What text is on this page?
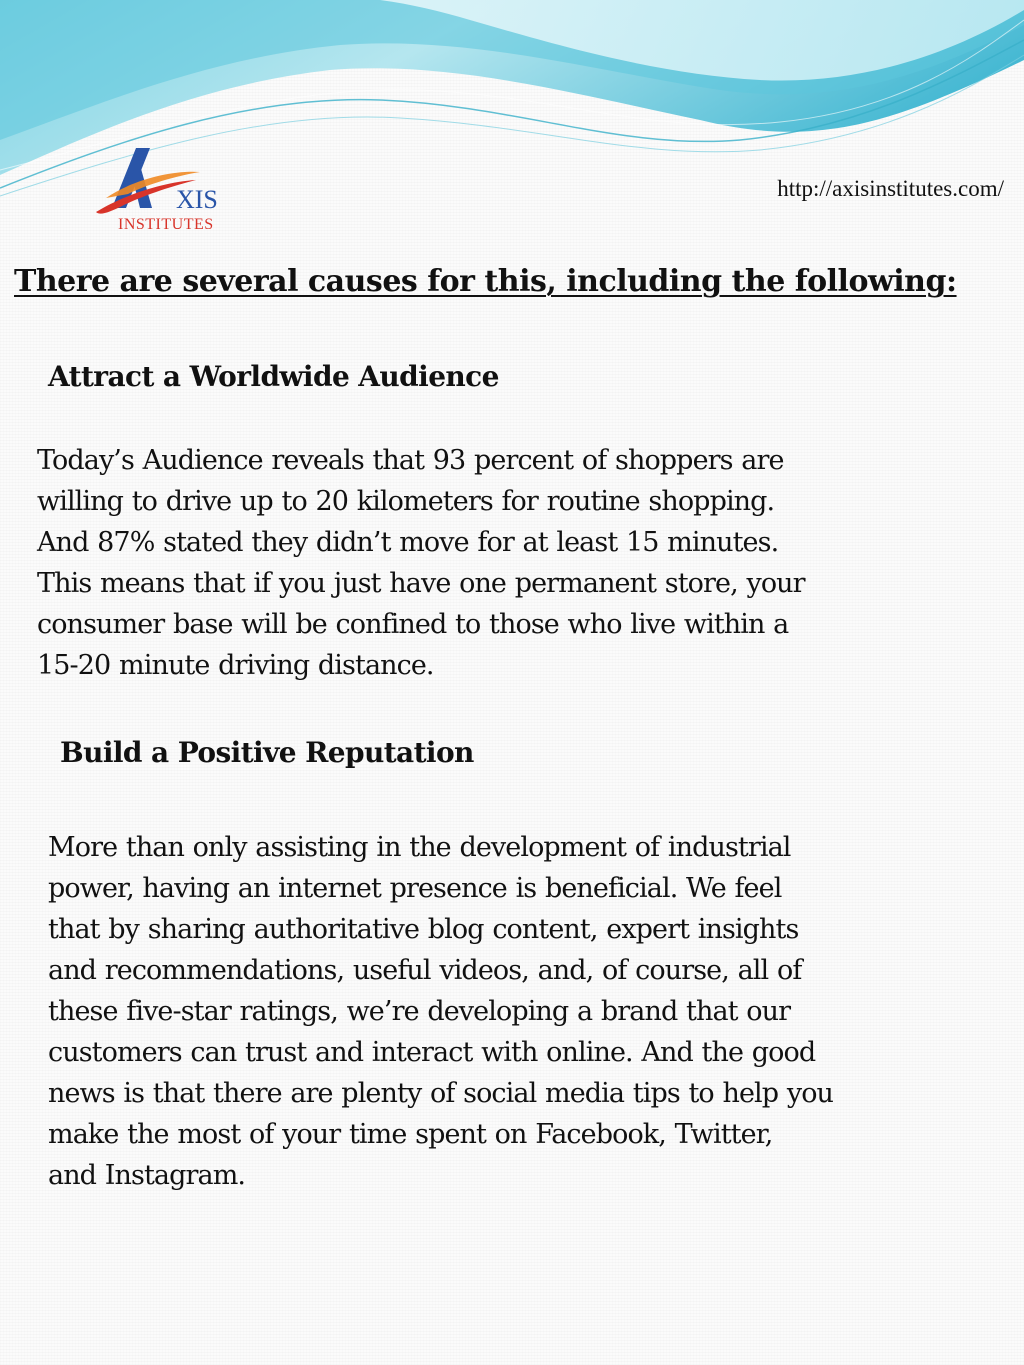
XIS
INSTITUTES
http://axisinstitutes.com/
There are several causes for this, including the following:
Attract a Worldwide Audience

Today’s Audience reveals that 93 percent of shoppers are
willing to drive up to 20 kilometers for routine shopping.
And 87% stated they didn’t move for at least 15 minutes.
This means that if you just have one permanent store, your
consumer base will be confined to those who live within a
15-20 minute driving distance.

Build a Positive Reputation

More than only assisting in the development of industrial
power, having an internet presence is beneficial. We feel
that by sharing authoritative blog content, expert insights
and recommendations, useful videos, and, of course, all of
these five-star ratings, we’re developing a brand that our
customers can trust and interact with online. And the good
news is that there are plenty of social media tips to help you
make the most of your time spent on Facebook, Twitter,
and Instagram.
